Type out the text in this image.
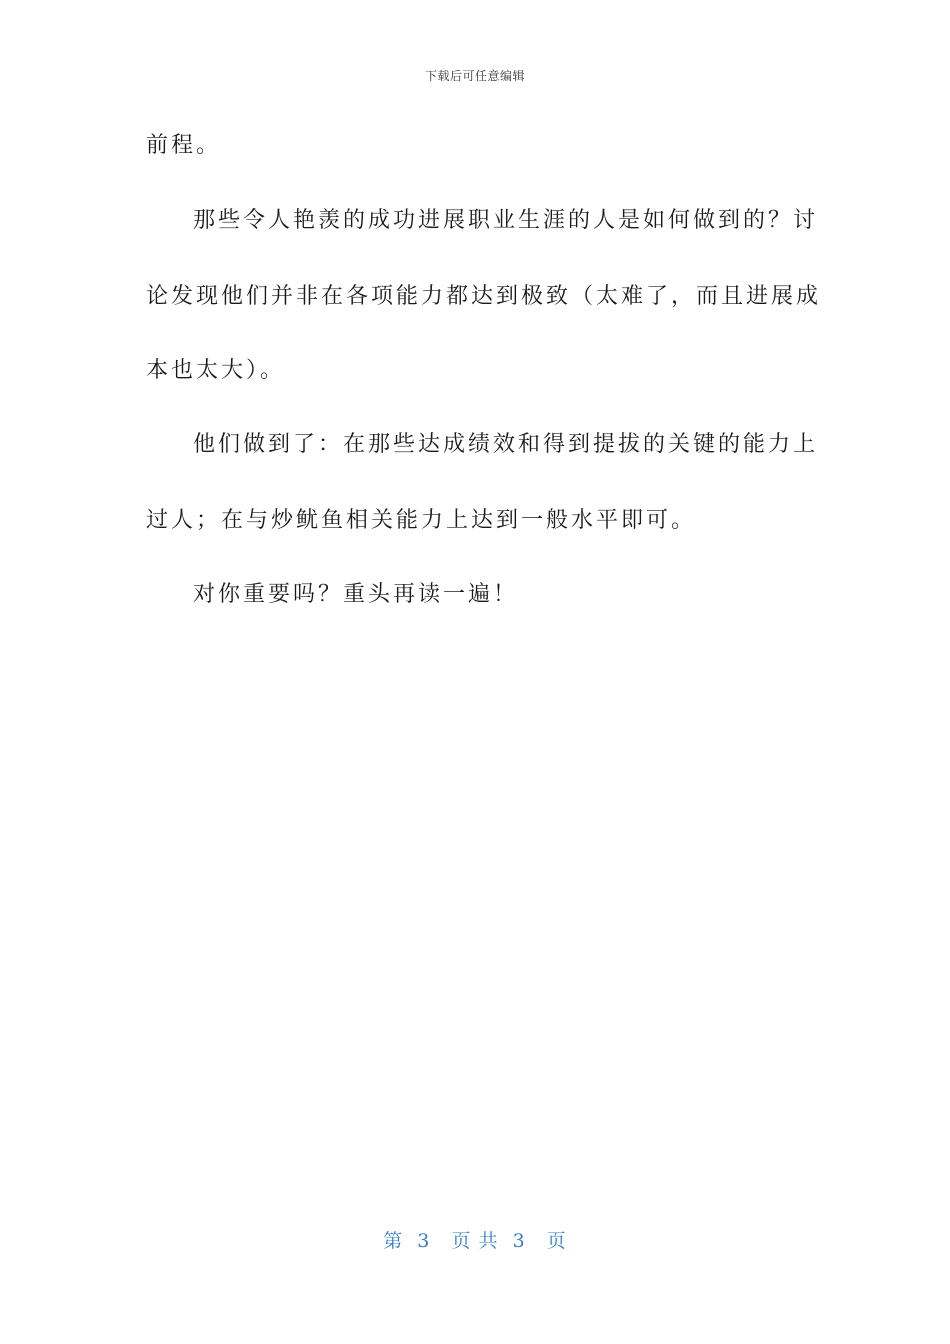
下载后可任意编辑
前程。
那些令人艳羡的成功进展职业生涯的人是如何做到的？讨
论发现他们并非在各项能力都达到极致（太难了，而且进展成
本也太大）。
他们做到了：在那些达成绩效和得到提拔的关键的能力上
过人；在与炒鱿鱼相关能力上达到一般水平即可。
对你重要吗？重头再读一遍！
第  3   页 共  3   页
